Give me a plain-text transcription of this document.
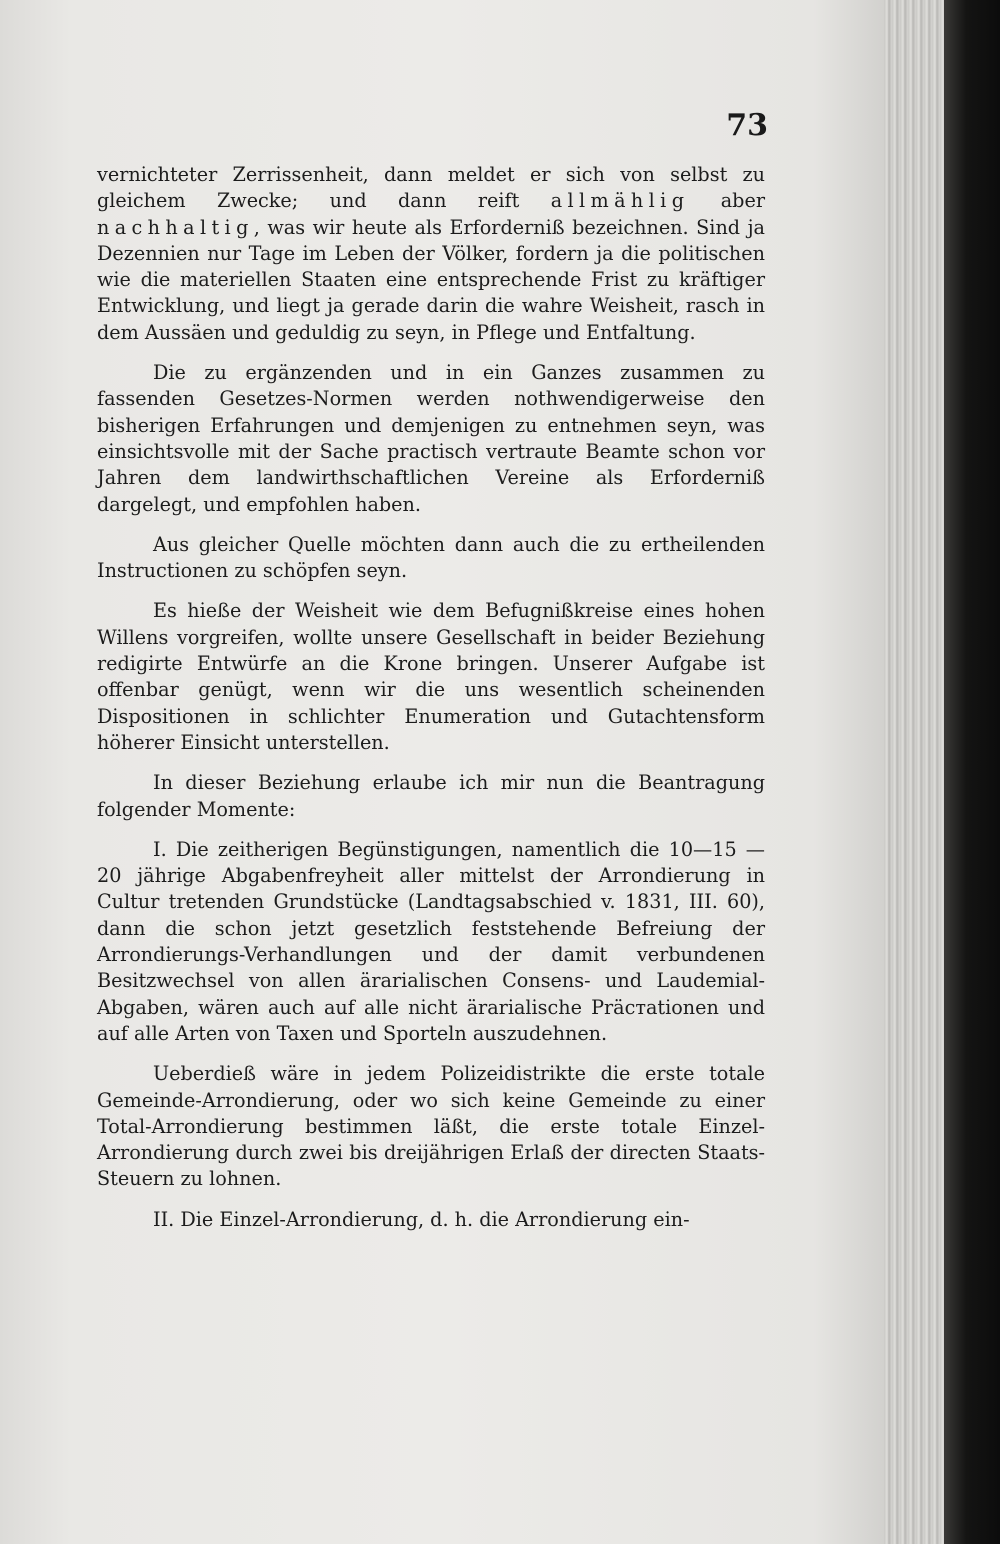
73

vernichteter Zerrissenheit, dann meldet er sich von selbst zu gleichem Zwecke; und dann reift allmählig aber nachhaltig, was wir heute als Erforderniß bezeichnen. Sind ja Dezennien nur Tage im Leben der Völker, fordern ja die politischen wie die materiellen Staaten eine entsprechende Frist zu kräftiger Entwicklung, und liegt ja gerade darin die wahre Weisheit, rasch in dem Aussäen und geduldig zu seyn, in Pflege und Entfaltung.

Die zu ergänzenden und in ein Ganzes zusammen zu fassenden Gesetzes-Normen werden nothwendigerweise den bisherigen Erfahrungen und demjenigen zu entnehmen seyn, was einsichtsvolle mit der Sache practisch vertraute Beamte schon vor Jahren dem landwirthschaftlichen Vereine als Erforderniß dargelegt, und empfohlen haben.

Aus gleicher Quelle möchten dann auch die zu ertheilenden Instructionen zu schöpfen seyn.

Es hieße der Weisheit wie dem Befugnißkreise eines hohen Willens vorgreifen, wollte unsere Gesellschaft in beider Beziehung redigirte Entwürfe an die Krone bringen. Unserer Aufgabe ist offenbar genügt, wenn wir die uns wesentlich scheinenden Dispositionen in schlichter Enumeration und Gutachtensform höherer Einsicht unterstellen.

In dieser Beziehung erlaube ich mir nun die Beantragung folgender Momente:

I. Die zeitherigen Begünstigungen, namentlich die 10—15 —20 jährige Abgabenfreyheit aller mittelst der Arrondierung in Cultur tretenden Grundstücke (Landtagsabschied v. 1831, III. 60), dann die schon jetzt gesetzlich feststehende Befreiung der Arrondierungs-Verhandlungen und der damit verbundenen Besitzwechsel von allen ärarialischen Consens- und Laudemial-Abgaben, wären auch auf alle nicht ärarialische Präстationen und auf alle Arten von Taxen und Sporteln auszudehnen.

Ueberdieß wäre in jedem Polizeidistrikte die erste totale Gemeinde-Arrondierung, oder wo sich keine Gemeinde zu einer Total-Arrondierung bestimmen läßt, die erste totale Einzel-Arrondierung durch zwei bis dreijährigen Erlaß der directen Staats-Steuern zu lohnen.

II. Die Einzel-Arrondierung, d. h. die Arrondierung ein-
